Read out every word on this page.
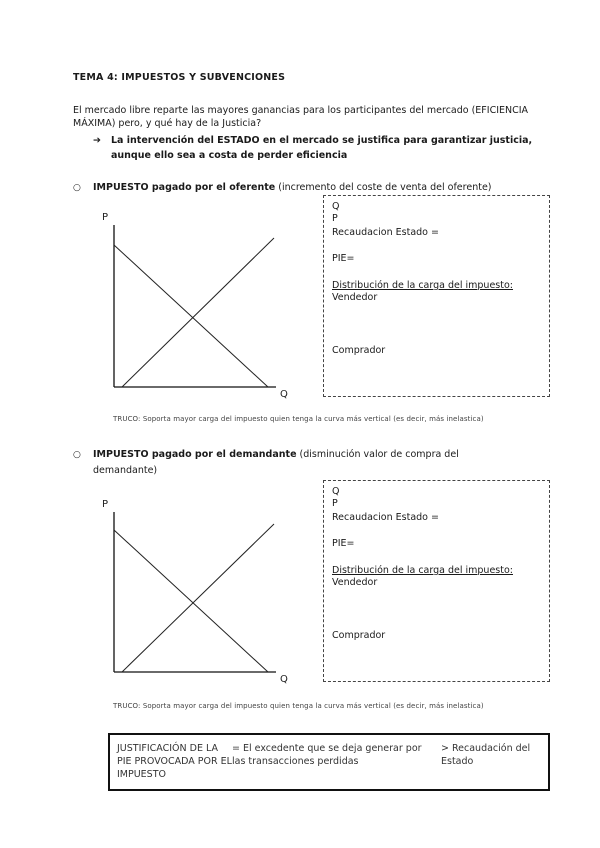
TEMA 4: IMPUESTOS Y SUBVENCIONES
El mercado libre reparte las mayores ganancias para los participantes del mercado (EFICIENCIA MÁXIMA) pero, y qué hay de la Justicia?
➔ La intervención del ESTADO en el mercado se justifica para garantizar justicia,
aunque ello sea a costa de perder eficiencia
○ IMPUESTO pagado por el oferente (incremento del coste de venta del oferente)
P
Q
Q
P
Recaudacion Estado =
PIE=
Distribución de la carga del impuesto:
Vendedor
Comprador
TRUCO: Soporta mayor carga del impuesto quien tenga la curva más vertical (es decir, más inelastica)
○ IMPUESTO pagado por el demandante (disminución valor de compra del
demandante)
P
Q
Q
P
Recaudacion Estado =
PIE=
Distribución de la carga del impuesto:
Vendedor
Comprador
TRUCO: Soporta mayor carga del impuesto quien tenga la curva más vertical (es decir, más inelastica)
JUSTIFICACIÓN DE LA PIE PROVOCADA POR EL IMPUESTO
= El excedente que se deja generar por las transacciones perdidas
> Recaudación del Estado
